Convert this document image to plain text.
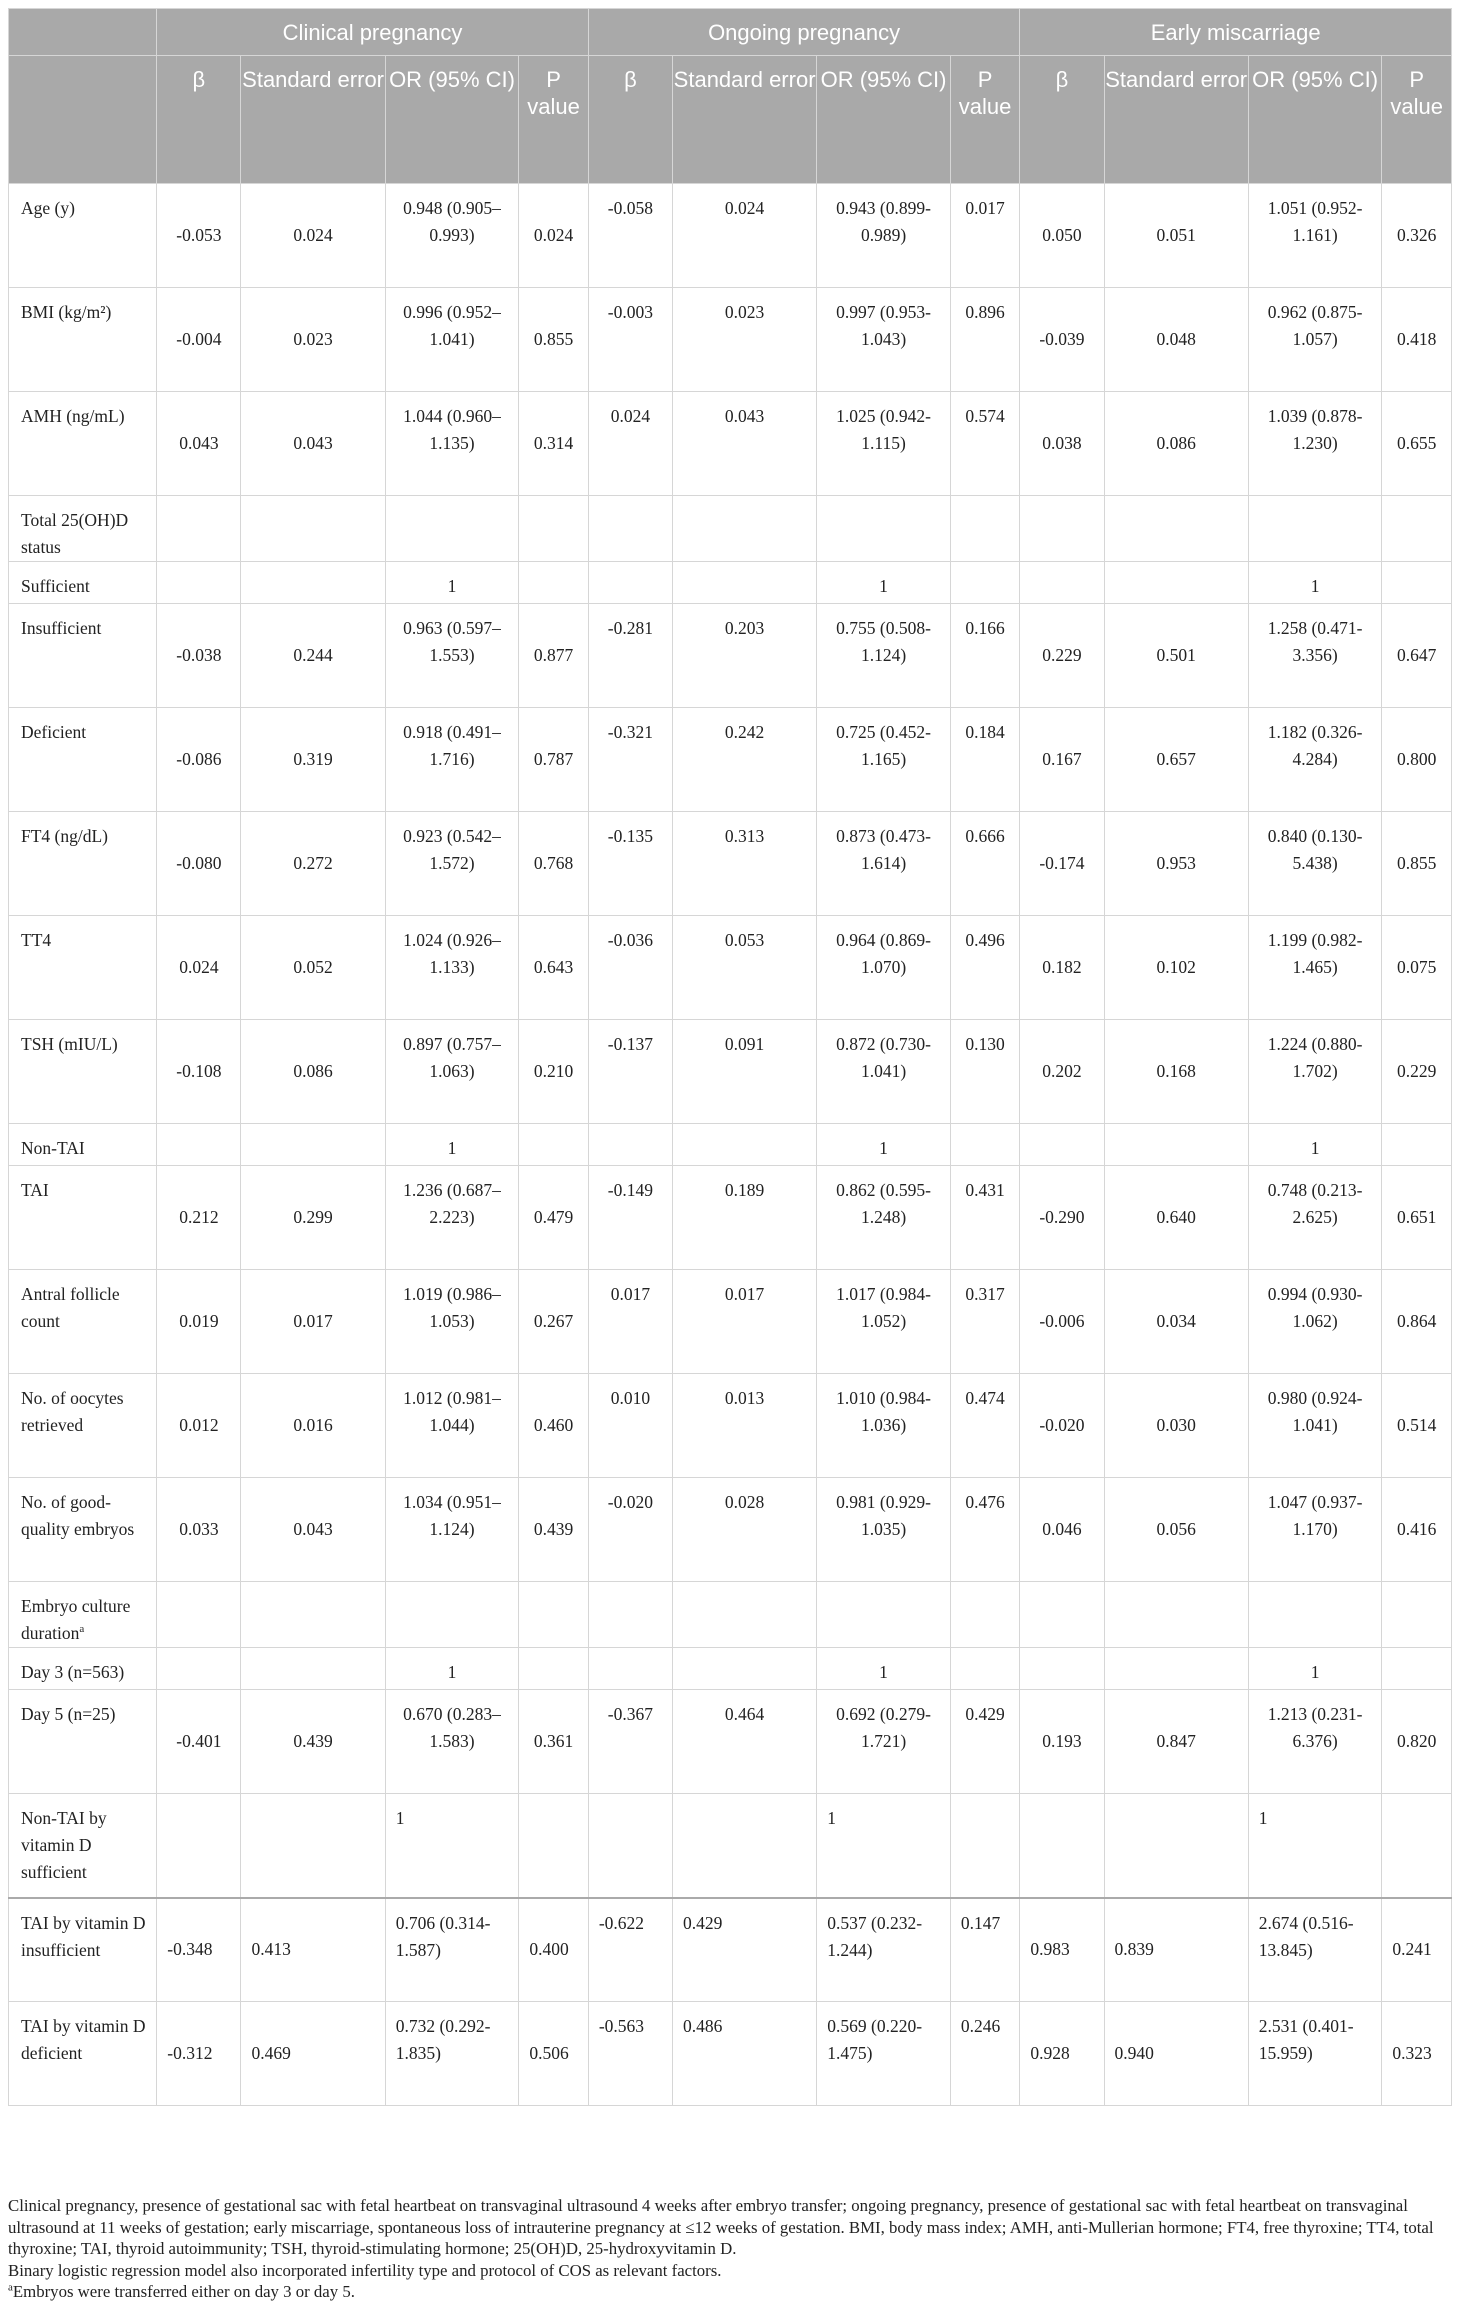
	Clinical pregnancy				Ongoing pregnancy				Early miscarriage			
	β	Standard error	OR (95% CI)	P value	β	Standard error	OR (95% CI)	P value	β	Standard error	OR (95% CI)	P value
Age (y)	-0.053	0.024	0.948 (0.905–0.993)	0.024	-0.058	0.024	0.943 (0.899-0.989)	0.017	0.050	0.051	1.051 (0.952-1.161)	0.326
BMI (kg/m²)	-0.004	0.023	0.996 (0.952–1.041)	0.855	-0.003	0.023	0.997 (0.953-1.043)	0.896	-0.039	0.048	0.962 (0.875-1.057)	0.418
AMH (ng/mL)	0.043	0.043	1.044 (0.960–1.135)	0.314	0.024	0.043	1.025 (0.942-1.115)	0.574	0.038	0.086	1.039 (0.878-1.230)	0.655
Total 25(OH)D status												
Sufficient			1				1				1	
Insufficient	-0.038	0.244	0.963 (0.597–1.553)	0.877	-0.281	0.203	0.755 (0.508-1.124)	0.166	0.229	0.501	1.258 (0.471-3.356)	0.647
Deficient	-0.086	0.319	0.918 (0.491–1.716)	0.787	-0.321	0.242	0.725 (0.452-1.165)	0.184	0.167	0.657	1.182 (0.326-4.284)	0.800
FT4 (ng/dL)	-0.080	0.272	0.923 (0.542–1.572)	0.768	-0.135	0.313	0.873 (0.473-1.614)	0.666	-0.174	0.953	0.840 (0.130-5.438)	0.855
TT4	0.024	0.052	1.024 (0.926–1.133)	0.643	-0.036	0.053	0.964 (0.869-1.070)	0.496	0.182	0.102	1.199 (0.982-1.465)	0.075
TSH (mIU/L)	-0.108	0.086	0.897 (0.757–1.063)	0.210	-0.137	0.091	0.872 (0.730-1.041)	0.130	0.202	0.168	1.224 (0.880-1.702)	0.229
Non-TAI			1				1				1	
TAI	0.212	0.299	1.236 (0.687–2.223)	0.479	-0.149	0.189	0.862 (0.595-1.248)	0.431	-0.290	0.640	0.748 (0.213-2.625)	0.651
Antral follicle count	0.019	0.017	1.019 (0.986–1.053)	0.267	0.017	0.017	1.017 (0.984-1.052)	0.317	-0.006	0.034	0.994 (0.930-1.062)	0.864
No. of oocytes retrieved	0.012	0.016	1.012 (0.981–1.044)	0.460	0.010	0.013	1.010 (0.984-1.036)	0.474	-0.020	0.030	0.980 (0.924-1.041)	0.514
No. of good-quality embryos	0.033	0.043	1.034 (0.951–1.124)	0.439	-0.020	0.028	0.981 (0.929-1.035)	0.476	0.046	0.056	1.047 (0.937-1.170)	0.416
Embryo culture duration$^a$												
Day 3 (n=563)			1				1				1	
Day 5 (n=25)	-0.401	0.439	0.670 (0.283–1.583)	0.361	-0.367	0.464	0.692 (0.279-1.721)	0.429	0.193	0.847	1.213 (0.231-6.376)	0.820
Non-TAI by vitamin D sufficient			1				1				1	
TAI by vitamin D insufficient	-0.348	0.413	0.706 (0.314-1.587)	0.400	-0.622	0.429	0.537 (0.232-1.244)	0.147	0.983	0.839	2.674 (0.516-13.845)	0.241
TAI by vitamin D deficient	-0.312	0.469	0.732 (0.292-1.835)	0.506	-0.563	0.486	0.569 (0.220-1.475)	0.246	0.928	0.940	2.531 (0.401-15.959)	0.323

Clinical pregnancy, presence of gestational sac with fetal heartbeat on transvaginal ultrasound 4 weeks after embryo transfer; ongoing pregnancy, presence of gestational sac with fetal heartbeat on transvaginal ultrasound at 11 weeks of gestation; early miscarriage, spontaneous loss of intrauterine pregnancy at ≤12 weeks of gestation. BMI, body mass index; AMH, anti-Mullerian hormone; FT4, free thyroxine; TT4, total thyroxine; TAI, thyroid autoimmunity; TSH, thyroid-stimulating hormone; 25(OH)D, 25-hydroxyvitamin D.

Binary logistic regression model also incorporated infertility type and protocol of COS as relevant factors.

$^a$Embryos were transferred either on day 3 or day 5.
